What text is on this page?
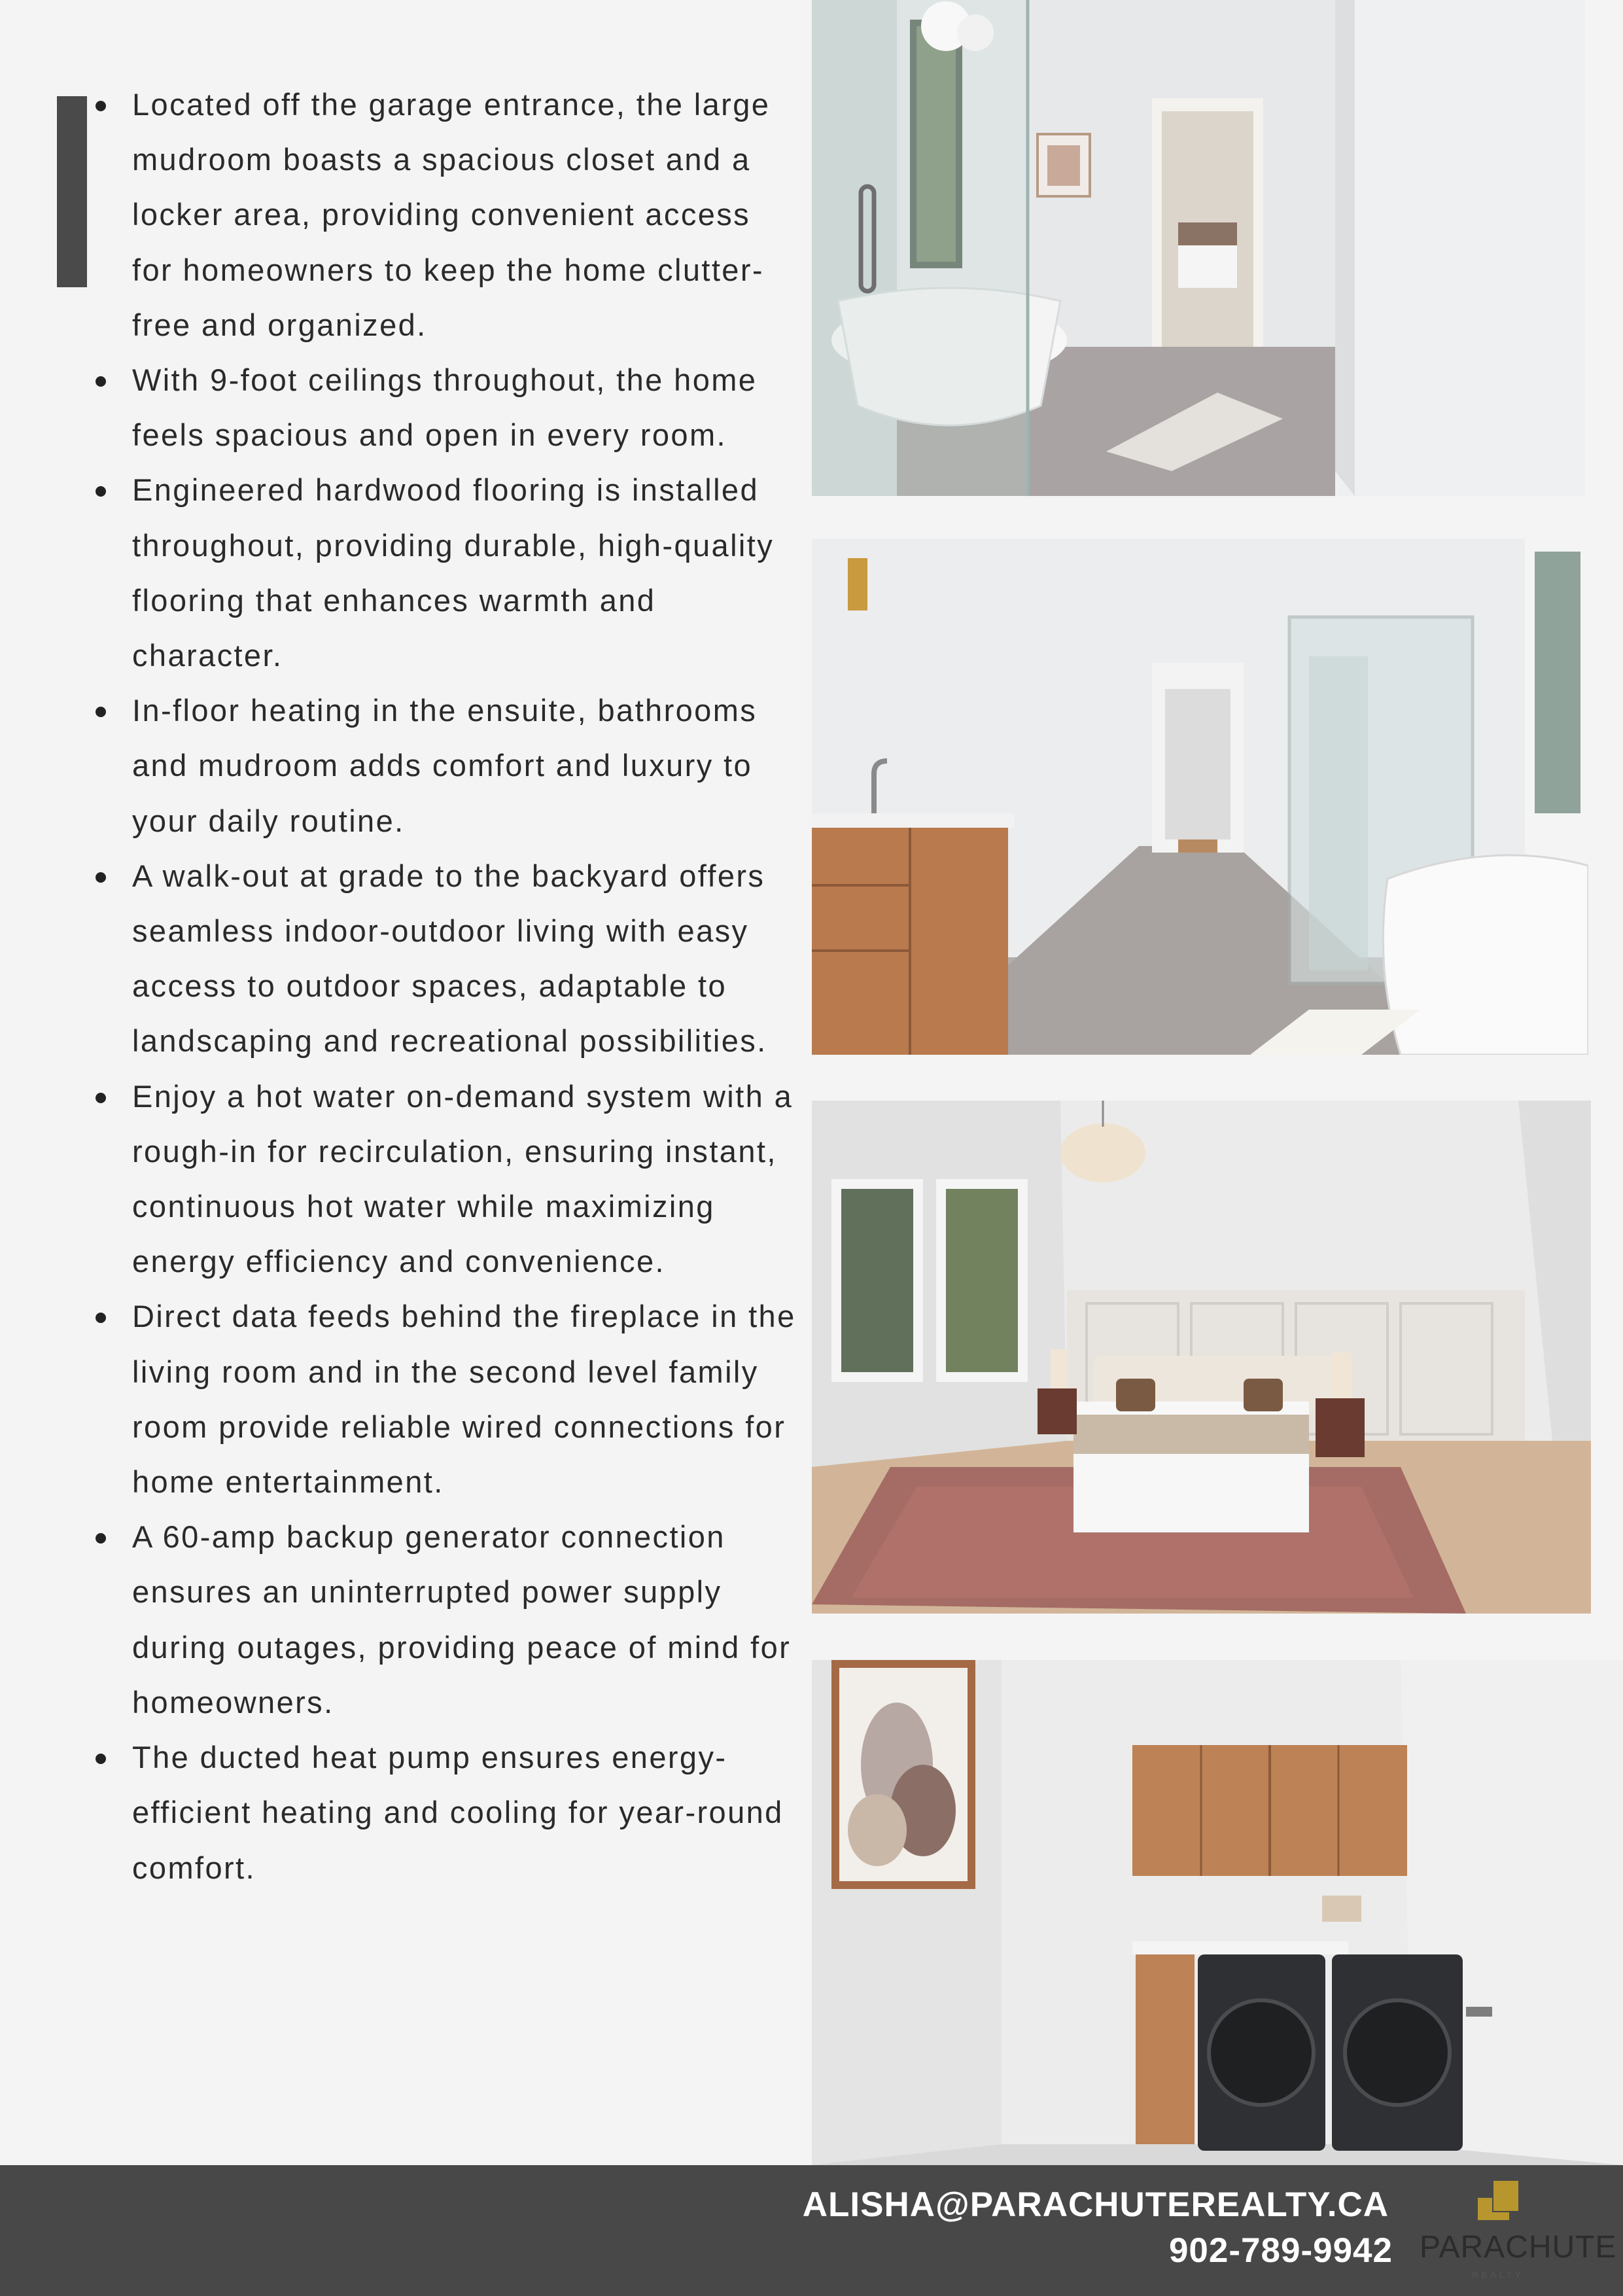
Located off the garage entrance, the large mudroom boasts a spacious closet and a locker area, providing convenient access for homeowners to keep the home clutter-free and organized.
With 9-foot ceilings throughout, the home feels spacious and open in every room.
Engineered hardwood flooring is installed throughout, providing durable, high-quality flooring that enhances warmth and character.
In-floor heating in the ensuite, bathrooms and mudroom adds comfort and luxury to your daily routine.
A walk-out at grade to the backyard offers seamless indoor-outdoor living with easy access to outdoor spaces, adaptable to landscaping and recreational possibilities.
Enjoy a hot water on-demand system with a rough-in for recirculation, ensuring instant, continuous hot water while maximizing energy efficiency and convenience.
Direct data feeds behind the fireplace in the living room and in the second level family room provide reliable wired connections for home entertainment.
A 60-amp backup generator connection ensures an uninterrupted power supply during outages, providing peace of mind for homeowners.
The ducted heat pump ensures energy-efficient heating and cooling for year-round comfort.
ALISHA@PARACHUTEREALTY.CA
902-789-9942 PARACHUTE
REALTY
